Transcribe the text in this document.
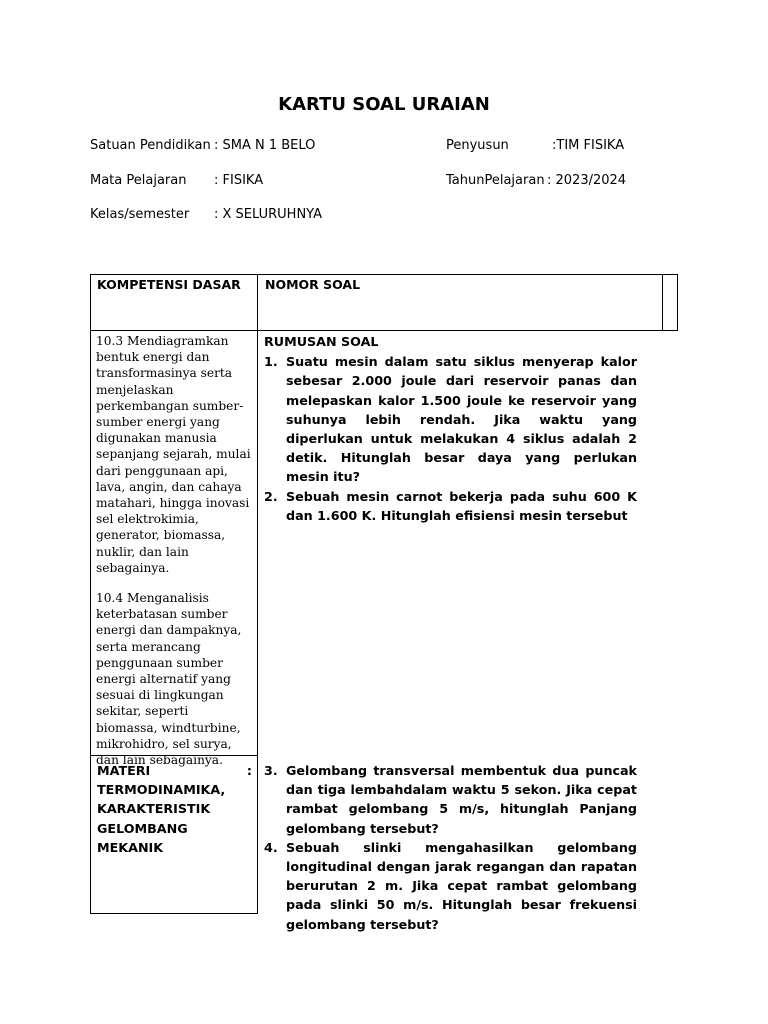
KARTU SOAL URAIAN
Satuan Pendidikan : SMA N 1 BELO
Mata Pelajaran : FISIKA
Kelas/semester : X SELURUHNYA
Penyusun	:TIM FISIKA
TahunPelajaran : 2023/2024
KOMPETENSI DASAR NOMOR SOAL

10.3 Mendiagramkan bentuk energi dan transformasinya serta menjelaskan perkembangan sumber-sumber energi yang digunakan manusia sepanjang sejarah, mulai dari penggunaan api, lava, angin, dan cahaya matahari, hingga inovasi sel elektrokimia, generator, biomassa, nuklir, dan lain sebagainya.

10.4 Menganalisis keterbatasan sumber energi dan dampaknya, serta merancang penggunaan sumber energi alternatif yang sesuai di lingkungan sekitar, seperti biomassa, windturbine, mikrohidro, sel surya, dan lain sebagainya.

RUMUSAN SOAL
1. Suatu mesin dalam satu siklus menyerap kalor sebesar 2.000 joule dari reservoir panas dan melepaskan kalor 1.500 joule ke reservoir yang suhunya lebih rendah. Jika waktu yang diperlukan untuk melakukan 4 siklus adalah 2 detik. Hitunglah besar daya yang perlukan mesin itu?
2. Sebuah mesin carnot bekerja pada suhu 600 K dan 1.600 K. Hitunglah efisiensi mesin tersebut
MATERI	:
TERMODINAMIKA,
KARAKTERISTIK
GELOMBANG MEKANIK
3. Gelombang transversal membentuk dua puncak dan tiga lembahdalam waktu 5 sekon. Jika cepat rambat gelombang 5 m/s, hitunglah Panjang gelombang tersebut?
4. Sebuah slinki mengahasilkan gelombang longitudinal dengan jarak regangan dan rapatan berurutan 2 m. Jika cepat rambat gelombang pada slinki 50 m/s. Hitunglah besar frekuensi gelombang tersebut?
